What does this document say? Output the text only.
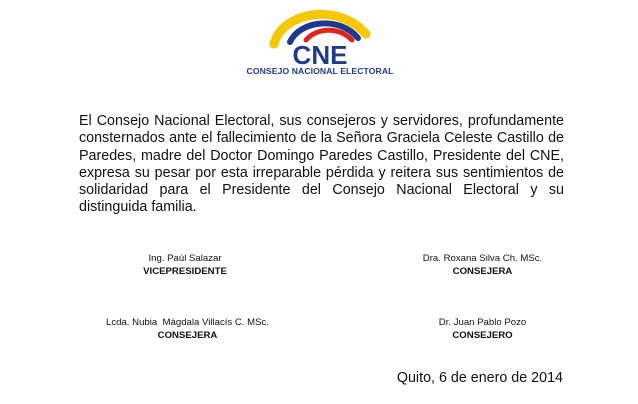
CNE
CONSEJO NACIONAL ELECTORAL

El Consejo Nacional Electoral, sus consejeros y servidores, profundamente consternados ante el fallecimiento de la Señora Graciela Celeste Castillo de Paredes, madre del Doctor Domingo Paredes Castillo, Presidente del CNE, expresa su pesar por esta irreparable pérdida y reitera sus sentimientos de solidaridad para el Presidente del Consejo Nacional Electoral y su distinguida familia.

Ing. Paúl Salazar
VICEPRESIDENTE
Dra. Roxana Silva Ch. MSc.
CONSEJERA
Lcda. Nubia  Mágdala Villacís C. MSc.
CONSEJERA
Dr. Juan Pablo Pozo
CONSEJERO

Quito, 6 de enero de 2014
